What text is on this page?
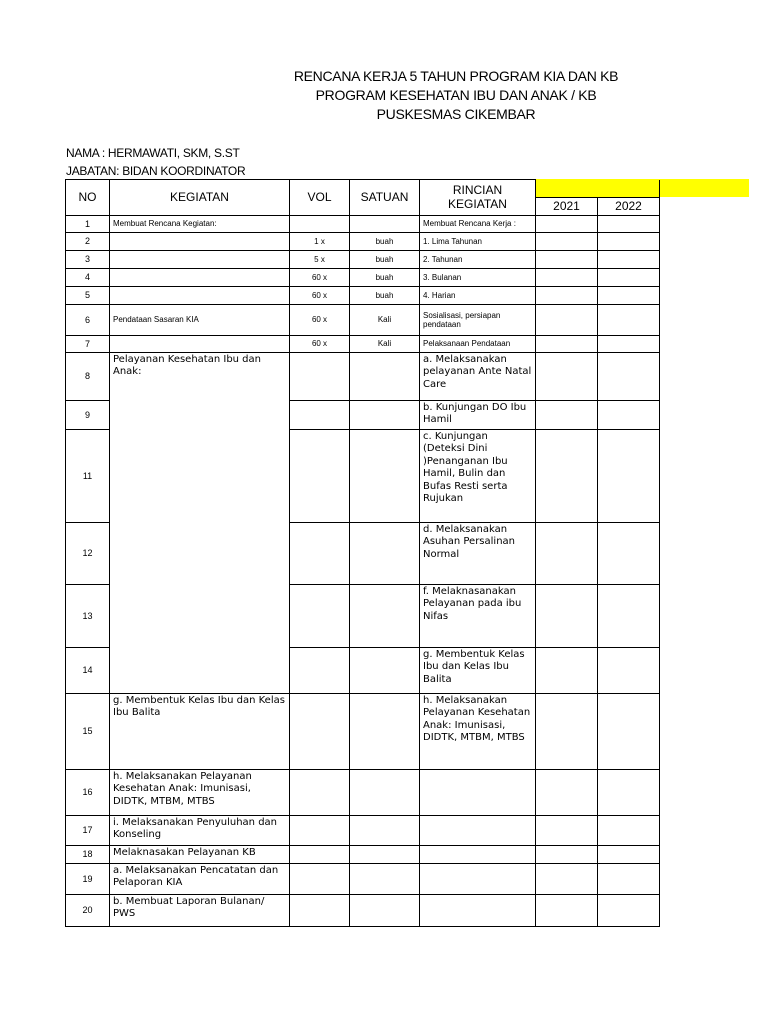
RENCANA KERJA 5 TAHUN PROGRAM KIA DAN KB
PROGRAM KESEHATAN IBU DAN ANAK / KB
PUSKESMAS CIKEMBAR
NAMA : HERMAWATI, SKM, S.ST
JABATAN: BIDAN KOORDINATOR
NO	KEGIATAN	VOL	SATUAN	RINCIAN KEGIATAN		
					2021	2022
1	Membuat Rencana Kegiatan:			Membuat Rencana Kerja :		
2		1 x	buah	1. Lima Tahunan		
3		5 x	buah	2. Tahunan		
4		60 x	buah	3. Bulanan		
5		60 x	buah	4. Harian		
6	Pendataan Sasaran KIA	60 x	Kali	Sosialisasi, persiapan pendataan		
7		60 x	Kali	Pelaksanaan Pendataan		
8	Pelayanan Kesehatan Ibu dan Anak:			a. Melaksanakan pelayanan Ante Natal Care		
9				b. Kunjungan DO Ibu Hamil		
11				c. Kunjungan (Deteksi Dini )Penanganan Ibu Hamil, Bulin dan Bufas Resti serta Rujukan		
12				d. Melaksanakan Asuhan Persalinan Normal		
13				f. Melaknasanakan Pelayanan pada ibu Nifas		
14				g. Membentuk Kelas Ibu dan Kelas Ibu Balita		
15	g. Membentuk Kelas Ibu dan Kelas Ibu Balita			h. Melaksanakan Pelayanan Kesehatan Anak: Imunisasi, DIDTK, MTBM, MTBS		
16	h. Melaksanakan Pelayanan Kesehatan Anak: Imunisasi, DIDTK, MTBM, MTBS					
17	i. Melaksanakan Penyuluhan dan Konseling					
18	Melaknasakan Pelayanan KB					
19	a. Melaksanakan Pencatatan dan Pelaporan KIA					
20	b. Membuat Laporan Bulanan/ PWS					
